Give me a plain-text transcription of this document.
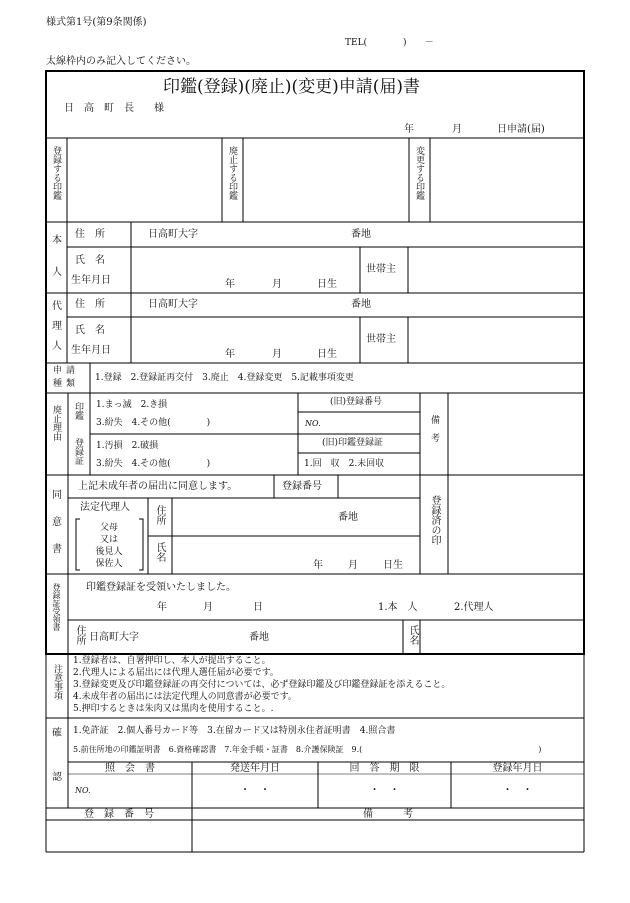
様式第1号(第9条関係)
TEL(　　　　)　　－
太線枠内のみ記入してください。
印鑑(登録)(廃止)(変更)申請(届)書
日　高　町　長　　様
年	月	日申請(届)
登録する印鑑	廃止する印鑑	変更する印鑑
本
人
住　所	日高町大字	番地
氏　名
生年月日	年	月	日生
世帯主
代
理
人
住　所	日高町大字	番地
氏　名
生年月日	年	月	日生
世帯主
申請
種類
1.登録　2.登録証再交付　3.廃止　4.登録変更　5.記載事項変更
廃止理由 印鑑 1.まっ滅　2.き損
3.紛失　4.その他(　　　　)
(旧)登録番号
NO.
登録証 1.汚損　2.破損
3.紛失　4.その他(　　　　)
(旧)印鑑登録証
1.回　収　2.未回収
備　考
同
意
書
上記未成年者の届出に同意します。	登録番号
法定代理人
父母
又は
後見人
保佐人
住所	番地
氏名
年	月	日生
登録済の印
登録証受領書	印鑑登録証を受領いたしました。
年	月	日	1.本　人	2.代理人
住所 日高町大字	番地	氏名
注意事項
1.登録者は、自署押印し、本人が提出すること。
2.代理人による届出には代理人選任届が必要です。
3.登録変更及び印鑑登録証の再交付については、必ず登録印鑑及び印鑑登録証を添えること。
4.未成年者の届出には法定代理人の同意書が必要です。
5.押印するときは朱肉又は黒肉を使用すること。.
確
認
1.免許証　2.個人番号カード等　3.在留カード又は特別永住者証明書　4.照合書
5.前住所地の印鑑証明書　6.資格確認書　7.年金手帳・証書　8.介護保険証　9.(　　　　　　　　　　　　　　　　　　　　　　)
照　会　書	発送年月日	回　答　期　限	登録年月日
NO.	・　・	・　・	・　・
登　録　番　号	備　　　考
